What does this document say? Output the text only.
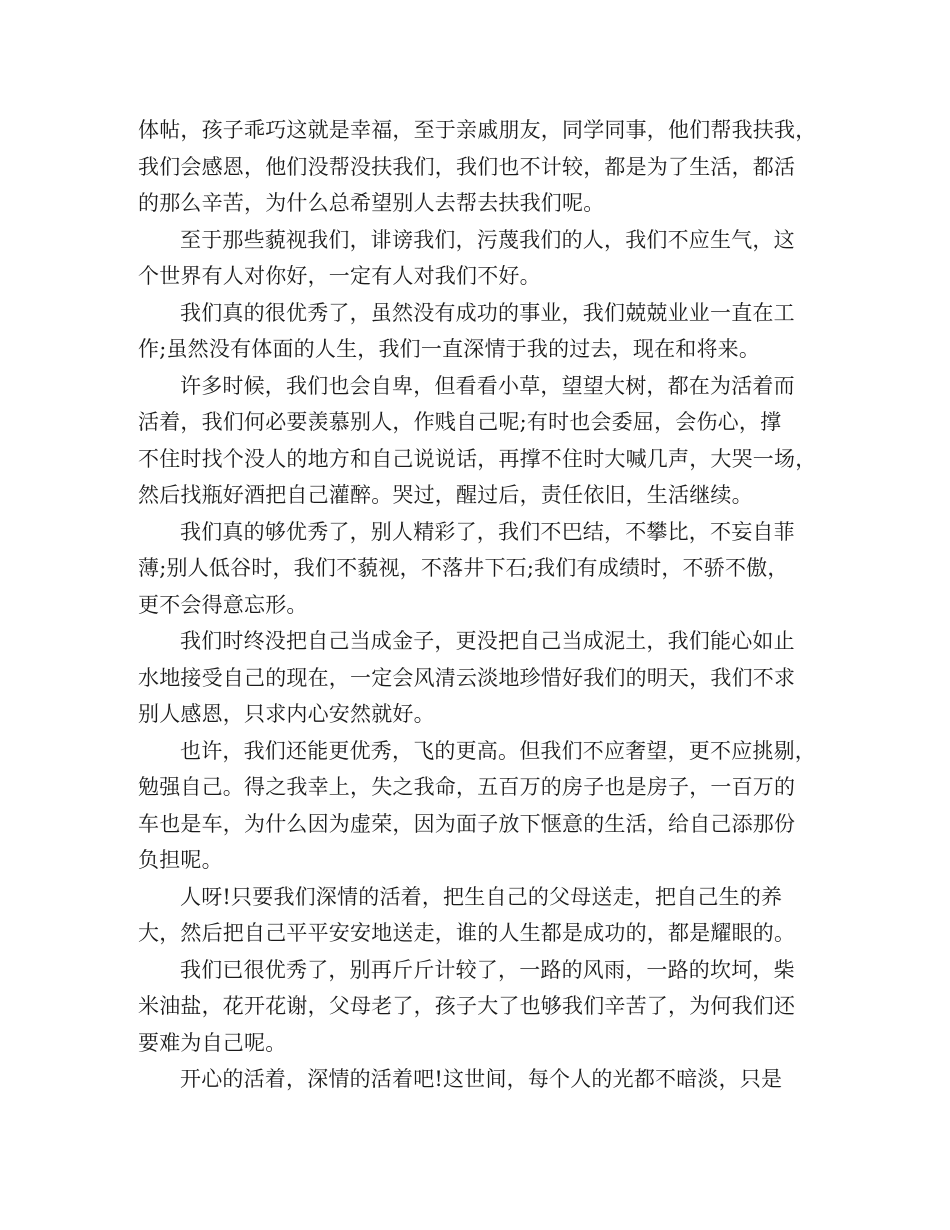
体帖，孩子乖巧这就是幸福，至于亲戚朋友，同学同事，他们帮我扶我，
我们会感恩，他们没帮没扶我们，我们也不计较，都是为了生活，都活
的那么辛苦，为什么总希望别人去帮去扶我们呢。
至于那些藐视我们，诽谤我们，污蔑我们的人，我们不应生气，这
个世界有人对你好，一定有人对我们不好。
我们真的很优秀了，虽然没有成功的事业，我们兢兢业业一直在工
作;虽然没有体面的人生，我们一直深情于我的过去，现在和将来。
许多时候，我们也会自卑，但看看小草，望望大树，都在为活着而
活着，我们何必要羡慕别人，作贱自己呢;有时也会委屈，会伤心，撑
不住时找个没人的地方和自己说说话，再撑不住时大喊几声，大哭一场，
然后找瓶好酒把自己灌醉。哭过，醒过后，责任依旧，生活继续。
我们真的够优秀了，别人精彩了，我们不巴结，不攀比，不妄自菲
薄;别人低谷时，我们不藐视，不落井下石;我们有成绩时，不骄不傲，
更不会得意忘形。
我们时终没把自己当成金子，更没把自己当成泥土，我们能心如止
水地接受自己的现在，一定会风清云淡地珍惜好我们的明天，我们不求
别人感恩，只求内心安然就好。
也许，我们还能更优秀，飞的更高。但我们不应奢望，更不应挑剔，
勉强自己。得之我幸上，失之我命，五百万的房子也是房子，一百万的
车也是车，为什么因为虚荣，因为面子放下惬意的生活，给自己添那份
负担呢。
人呀!只要我们深情的活着，把生自己的父母送走，把自己生的养
大，然后把自己平平安安地送走，谁的人生都是成功的，都是耀眼的。
我们已很优秀了，别再斤斤计较了，一路的风雨，一路的坎坷，柴
米油盐，花开花谢，父母老了，孩子大了也够我们辛苦了，为何我们还
要难为自己呢。
开心的活着，深情的活着吧!这世间，每个人的光都不暗淡，只是
